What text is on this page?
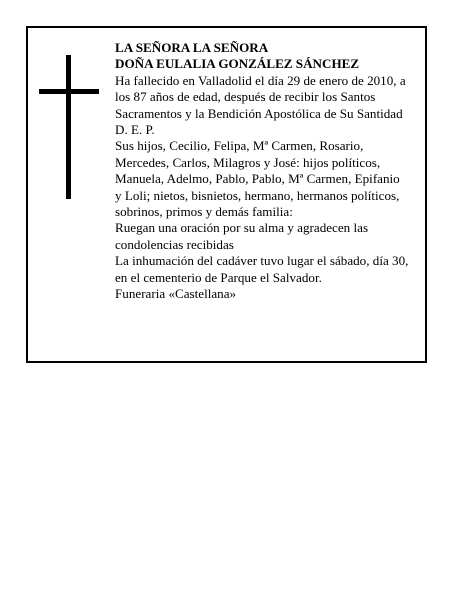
LA SEÑORA LA SEÑORA
DOÑA EULALIA GONZÁLEZ SÁNCHEZ
Ha fallecido en Valladolid el día 29 de enero de 2010, a
los 87 años de edad, después de recibir los Santos
Sacramentos y la Bendición Apostólica de Su Santidad
D. E. P.
Sus hijos, Cecilio, Felipa, Mª Carmen, Rosario,
Mercedes, Carlos, Milagros y José: hijos políticos,
Manuela, Adelmo, Pablo, Pablo, Mª Carmen, Epifanio
y Loli; nietos, bisnietos, hermano, hermanos políticos,
sobrinos, primos y demás familia:
Ruegan una oración por su alma y agradecen las
condolencias recibidas
La inhumación del cadáver tuvo lugar el sábado, día 30,
en el cementerio de Parque el Salvador.
Funeraria «Castellana»
